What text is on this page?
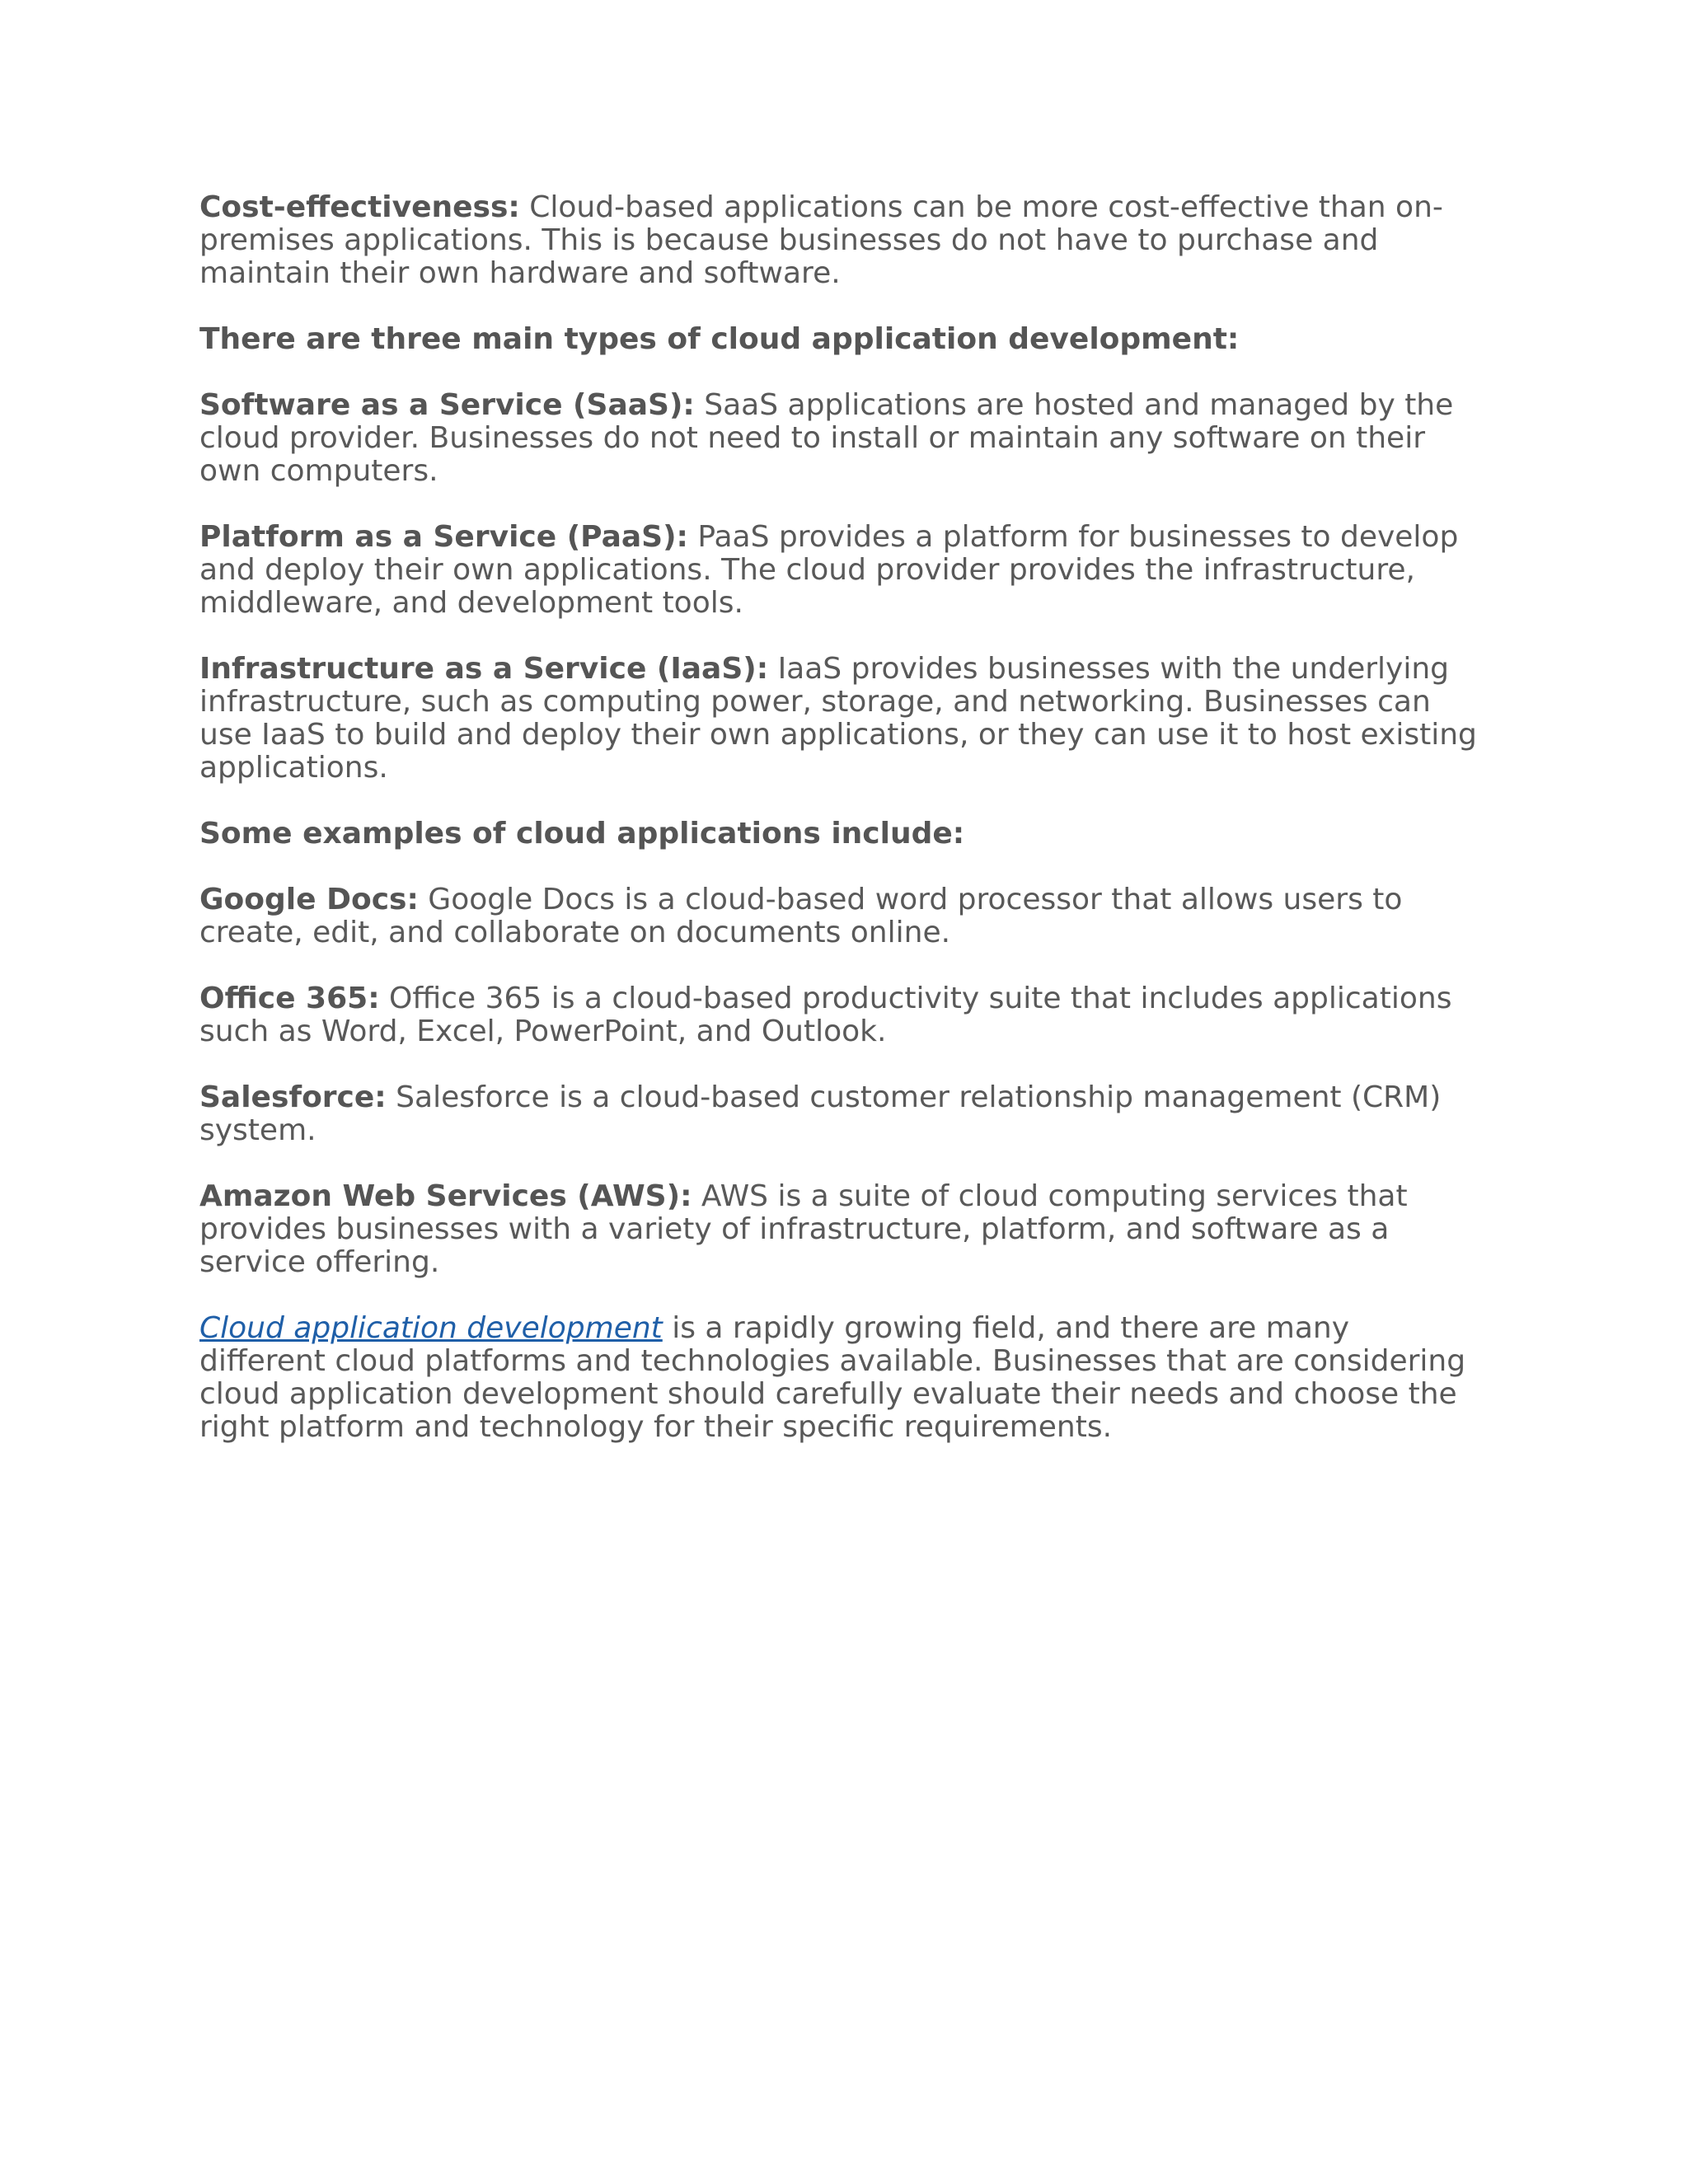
Cost-effectiveness: Cloud-based applications can be more cost-effective than on-premises applications. This is because businesses do not have to purchase and maintain their own hardware and software.

There are three main types of cloud application development:

Software as a Service (SaaS): SaaS applications are hosted and managed by the cloud provider. Businesses do not need to install or maintain any software on their own computers.

Platform as a Service (PaaS): PaaS provides a platform for businesses to develop and deploy their own applications. The cloud provider provides the infrastructure, middleware, and development tools.

Infrastructure as a Service (IaaS): IaaS provides businesses with the underlying infrastructure, such as computing power, storage, and networking. Businesses can use IaaS to build and deploy their own applications, or they can use it to host existing applications.

Some examples of cloud applications include:

Google Docs: Google Docs is a cloud-based word processor that allows users to create, edit, and collaborate on documents online.

Office 365: Office 365 is a cloud-based productivity suite that includes applications such as Word, Excel, PowerPoint, and Outlook.

Salesforce: Salesforce is a cloud-based customer relationship management (CRM) system.

Amazon Web Services (AWS): AWS is a suite of cloud computing services that provides businesses with a variety of infrastructure, platform, and software as a service offering.

Cloud application development is a rapidly growing field, and there are many different cloud platforms and technologies available. Businesses that are considering cloud application development should carefully evaluate their needs and choose the right platform and technology for their specific requirements.
